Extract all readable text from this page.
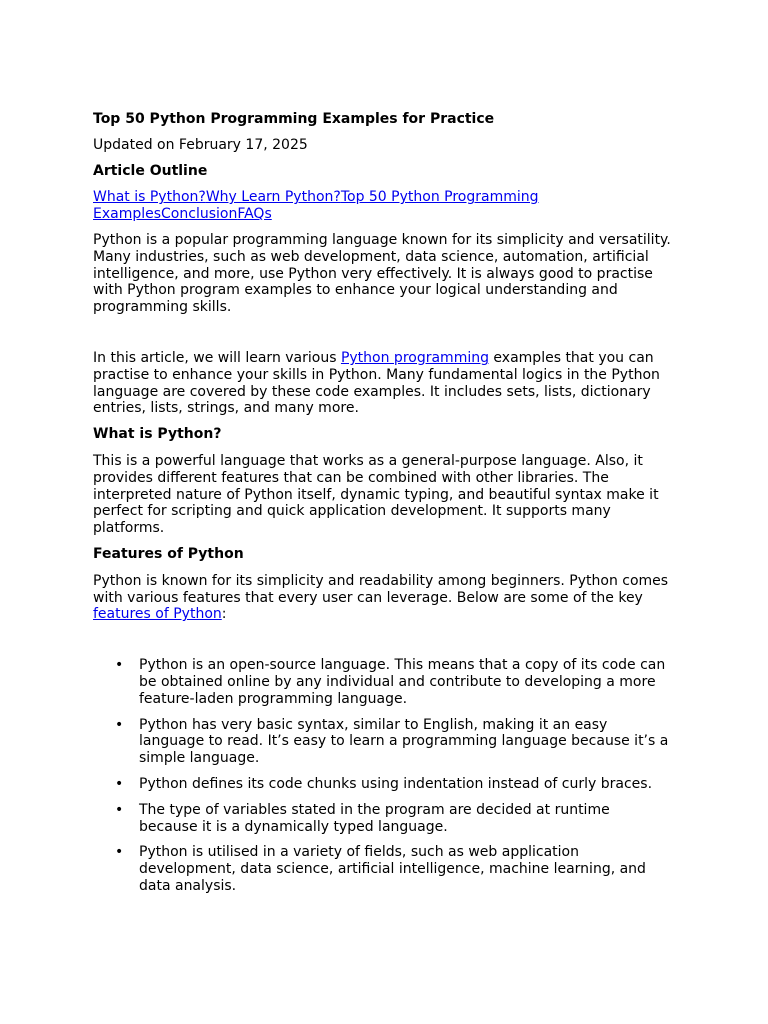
Top 50 Python Programming Examples for Practice
Updated on February 17, 2025
Article Outline
What is Python?Why Learn Python?Top 50 Python Programming ExamplesConclusionFAQs

Python is a popular programming language known for its simplicity and versatility. Many industries, such as web development, data science, automation, artificial intelligence, and more, use Python very effectively. It is always good to practise with Python program examples to enhance your logical understanding and programming skills.

In this article, we will learn various Python programming examples that you can practise to enhance your skills in Python. Many fundamental logics in the Python language are covered by these code examples. It includes sets, lists, dictionary entries, lists, strings, and many more.

What is Python?

This is a powerful language that works as a general-purpose language. Also, it provides different features that can be combined with other libraries. The interpreted nature of Python itself, dynamic typing, and beautiful syntax make it perfect for scripting and quick application development. It supports many platforms.

Features of Python

Python is known for its simplicity and readability among beginners. Python comes with various features that every user can leverage. Below are some of the key features of Python:

• Python is an open-source language. This means that a copy of its code can be obtained online by any individual and contribute to developing a more feature-laden programming language.
• Python has very basic syntax, similar to English, making it an easy language to read. It’s easy to learn a programming language because it’s a simple language.
• Python defines its code chunks using indentation instead of curly braces.
• The type of variables stated in the program are decided at runtime because it is a dynamically typed language.
• Python is utilised in a variety of fields, such as web application development, data science, artificial intelligence, machine learning, and data analysis.
